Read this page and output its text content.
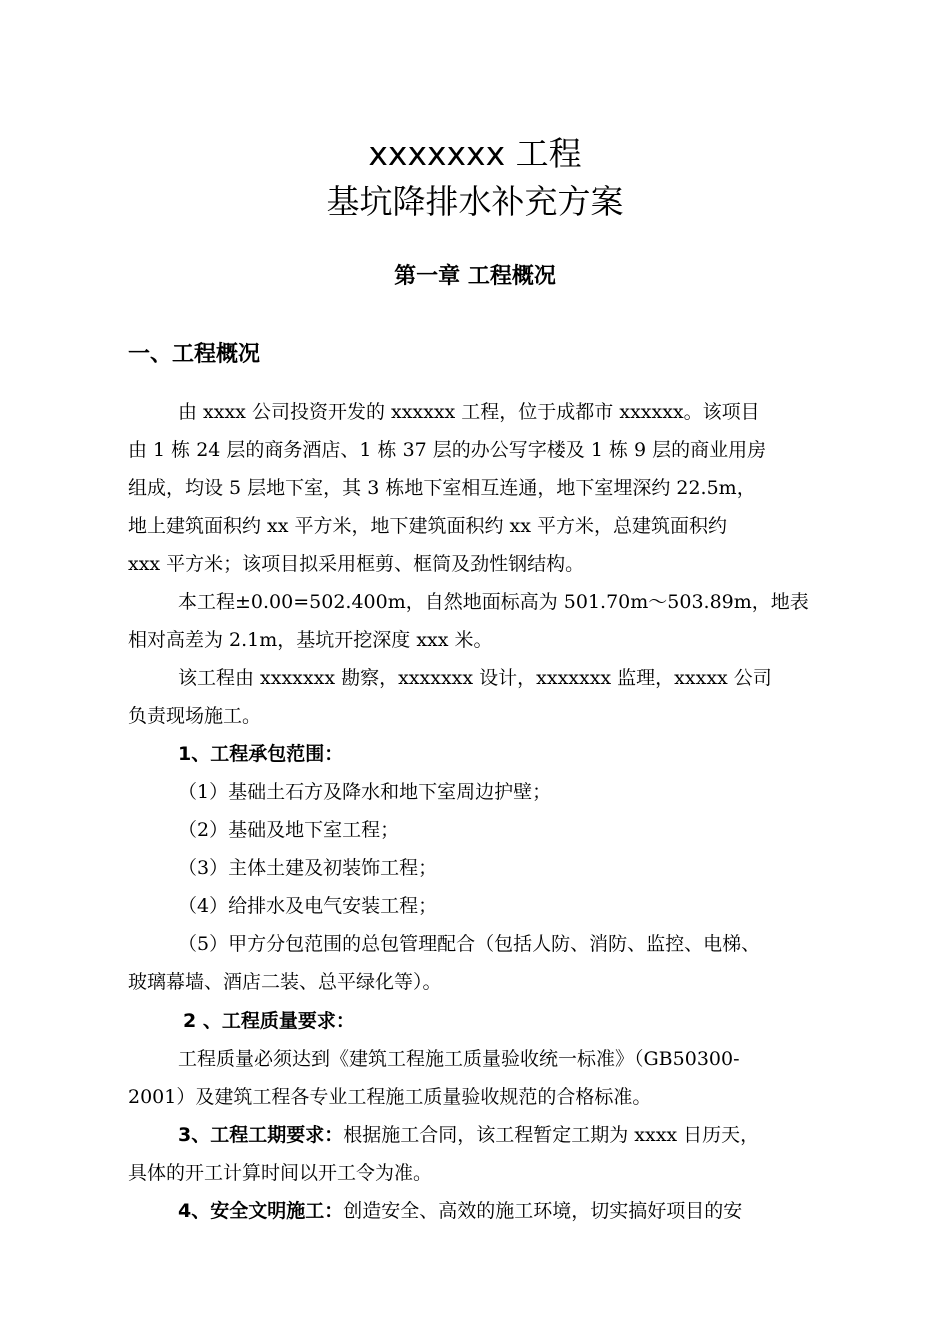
xxxxxxx 工程
基坑降排水补充方案
第一章 工程概况
一、工程概况
由 xxxx 公司投资开发的 xxxxxx 工程，位于成都市 xxxxxx。该项目
由 1 栋 24 层的商务酒店、1 栋 37 层的办公写字楼及 1 栋 9 层的商业用房
组成，均设 5 层地下室，其 3 栋地下室相互连通，地下室埋深约 22.5m，
地上建筑面积约 xx 平方米，地下建筑面积约 xx 平方米，总建筑面积约
xxx 平方米；该项目拟采用框剪、框筒及劲性钢结构。
本工程±0.00=502.400m，自然地面标高为 501.70m～503.89m，地表
相对高差为 2.1m，基坑开挖深度 xxx 米。
该工程由 xxxxxxx 勘察，xxxxxxx 设计，xxxxxxx 监理，xxxxx 公司
负责现场施工。
1、工程承包范围：
（1）基础土石方及降水和地下室周边护壁；
（2）基础及地下室工程；
（3）主体土建及初装饰工程；
（4）给排水及电气安装工程；
（5）甲方分包范围的总包管理配合（包括人防、消防、监控、电梯、
玻璃幕墙、酒店二装、总平绿化等）。
2 、工程质量要求：
工程质量必须达到《建筑工程施工质量验收统一标准》（GB50300-
2001）及建筑工程各专业工程施工质量验收规范的合格标准。
3、工程工期要求：根据施工合同，该工程暂定工期为 xxxx 日历天，
具体的开工计算时间以开工令为准。
4、安全文明施工：创造安全、高效的施工环境，切实搞好项目的安
